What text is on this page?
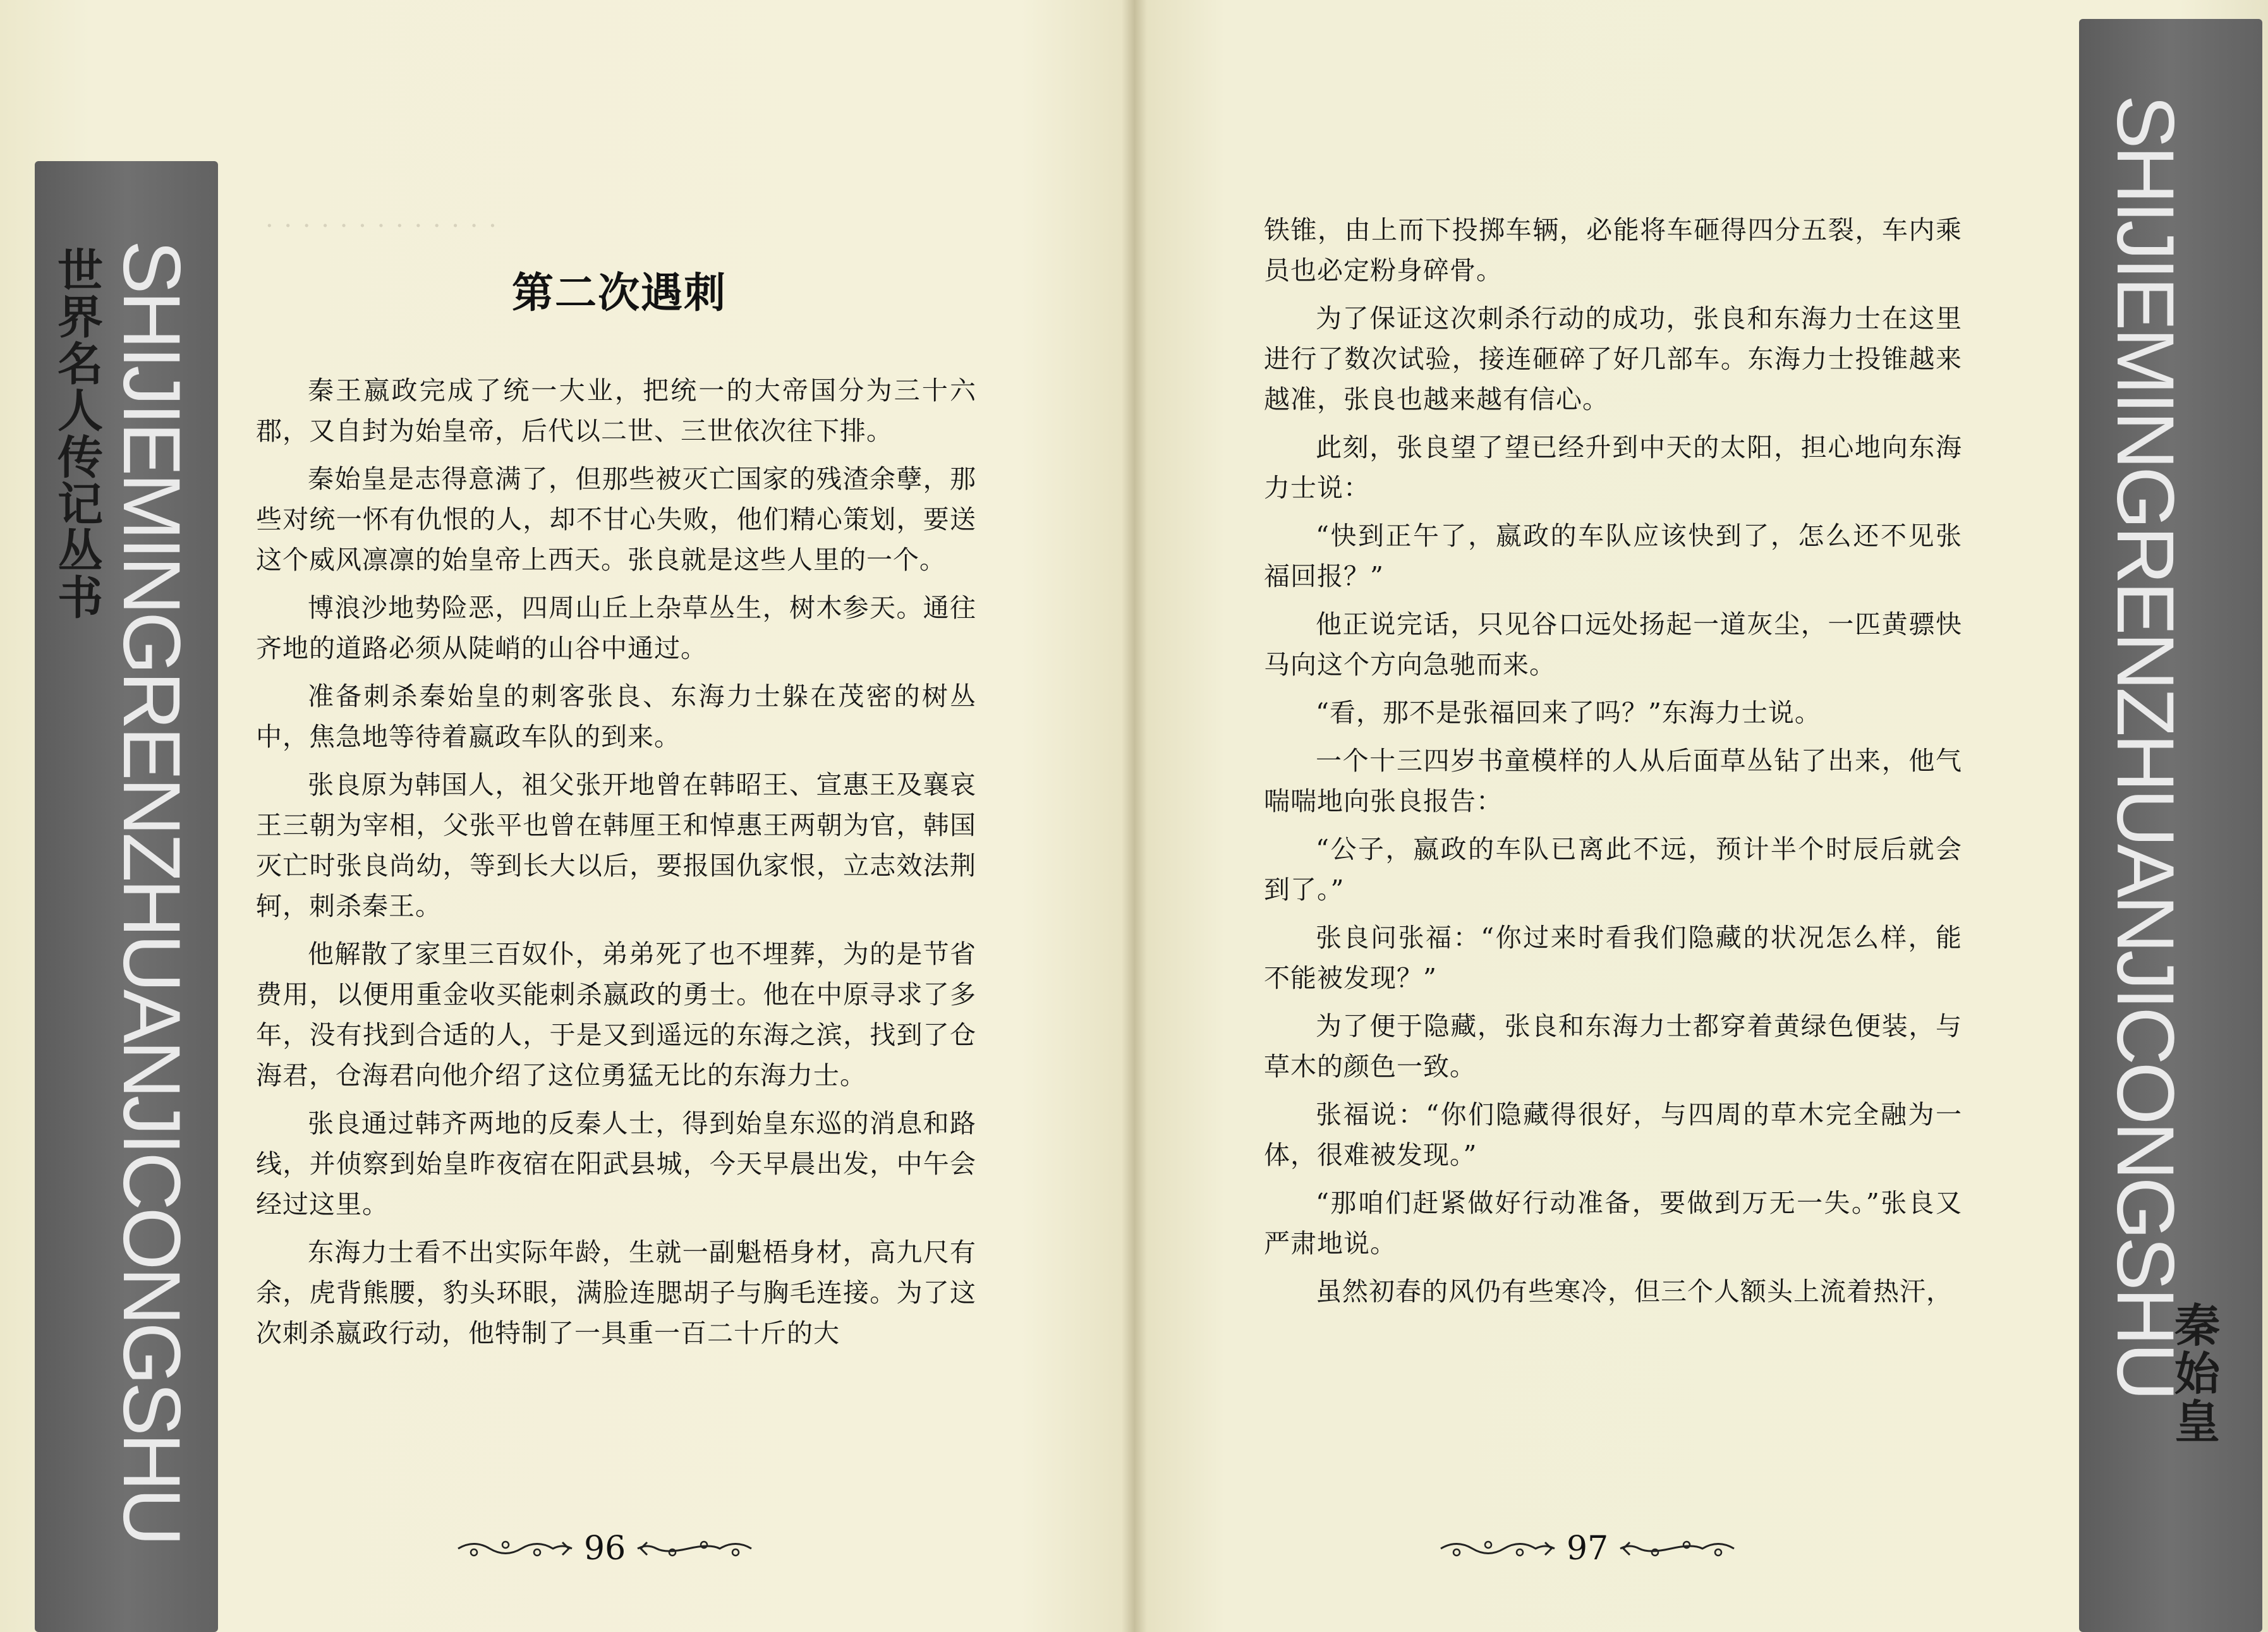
· · · · · · · · · · · · ·
SHIJIEMINGRENZHUANJICONGSHU
世界名人传记丛书	第二次遇刺

秦王嬴政完成了统一大业，把统一的大帝国分为三十六郡，又自封为始皇帝，后代以二世、三世依次往下排。

秦始皇是志得意满了，但那些被灭亡国家的残渣余孽，那些对统一怀有仇恨的人，却不甘心失败，他们精心策划，要送这个威风凛凛的始皇帝上西天。张良就是这些人里的一个。

博浪沙地势险恶，四周山丘上杂草丛生，树木参天。通往齐地的道路必须从陡峭的山谷中通过。

准备刺杀秦始皇的刺客张良、东海力士躲在茂密的树丛中，焦急地等待着嬴政车队的到来。

张良原为韩国人，祖父张开地曾在韩昭王、宣惠王及襄哀王三朝为宰相，父张平也曾在韩厘王和悼惠王两朝为官，韩国灭亡时张良尚幼，等到长大以后，要报国仇家恨，立志效法荆轲，刺杀秦王。

他解散了家里三百奴仆，弟弟死了也不埋葬，为的是节省费用，以便用重金收买能刺杀嬴政的勇士。他在中原寻求了多年，没有找到合适的人，于是又到遥远的东海之滨，找到了仓海君，仓海君向他介绍了这位勇猛无比的东海力士。

张良通过韩齐两地的反秦人士，得到始皇东巡的消息和路线，并侦察到始皇昨夜宿在阳武县城，今天早晨出发，中午会经过这里。

东海力士看不出实际年龄，生就一副魁梧身材，高九尺有余，虎背熊腰，豹头环眼，满脸连腮胡子与胸毛连接。为了这次刺杀嬴政行动，他特制了一具重一百二十斤的大

96
SHIJIEMINGRENZHUANJICONGSHU
秦始皇

铁锥，由上而下投掷车辆，必能将车砸得四分五裂，车内乘员也必定粉身碎骨。

为了保证这次刺杀行动的成功，张良和东海力士在这里进行了数次试验，接连砸碎了好几部车。东海力士投锥越来越准，张良也越来越有信心。

此刻，张良望了望已经升到中天的太阳，担心地向东海力士说：

“快到正午了，嬴政的车队应该快到了，怎么还不见张福回报？”

他正说完话，只见谷口远处扬起一道灰尘，一匹黄骠快马向这个方向急驰而来。

“看，那不是张福回来了吗？”东海力士说。

一个十三四岁书童模样的人从后面草丛钻了出来，他气喘喘地向张良报告：

“公子，嬴政的车队已离此不远，预计半个时辰后就会到了。”

张良问张福：“你过来时看我们隐藏的状况怎么样，能不能被发现？”

为了便于隐藏，张良和东海力士都穿着黄绿色便装，与草木的颜色一致。

张福说：“你们隐藏得很好，与四周的草木完全融为一体，很难被发现。”

“那咱们赶紧做好行动准备，要做到万无一失。”张良又严肃地说。

虽然初春的风仍有些寒冷，但三个人额头上流着热汗，

97
